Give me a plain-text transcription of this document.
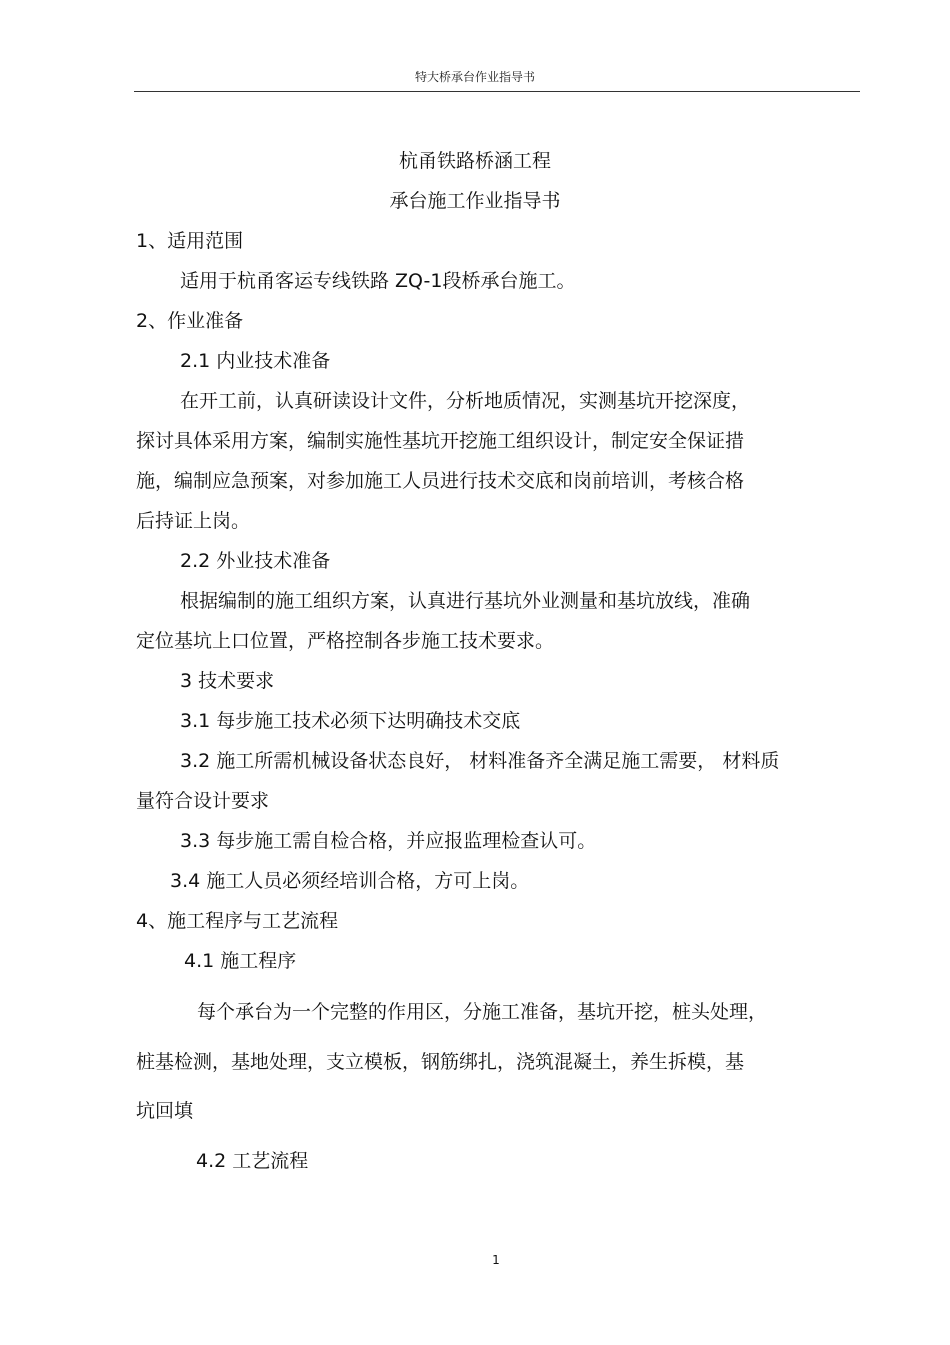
特大桥承台作业指导书
杭甬铁路桥涵工程
承台施工作业指导书
1、适用范围
适用于杭甬客运专线铁路 ZQ-1段桥承台施工。
2、作业准备
2.1 内业技术准备
在开工前，认真研读设计文件，分析地质情况，实测基坑开挖深度，
探讨具体采用方案，编制实施性基坑开挖施工组织设计，制定安全保证措
施，编制应急预案，对参加施工人员进行技术交底和岗前培训，考核合格
后持证上岗。
2.2 外业技术准备
根据编制的施工组织方案，认真进行基坑外业测量和基坑放线，准确
定位基坑上口位置，严格控制各步施工技术要求。
3 技术要求
3.1 每步施工技术必须下达明确技术交底
3.2 施工所需机械设备状态良好， 材料准备齐全满足施工需要， 材料质
量符合设计要求
3.3 每步施工需自检合格，并应报监理检查认可。
3.4 施工人员必须经培训合格，方可上岗。
4、施工程序与工艺流程
4.1 施工程序
每个承台为一个完整的作用区，分施工准备，基坑开挖，桩头处理，
桩基检测，基地处理，支立模板，钢筋绑扎，浇筑混凝土，养生拆模，基
坑回填
4.2 工艺流程
1
